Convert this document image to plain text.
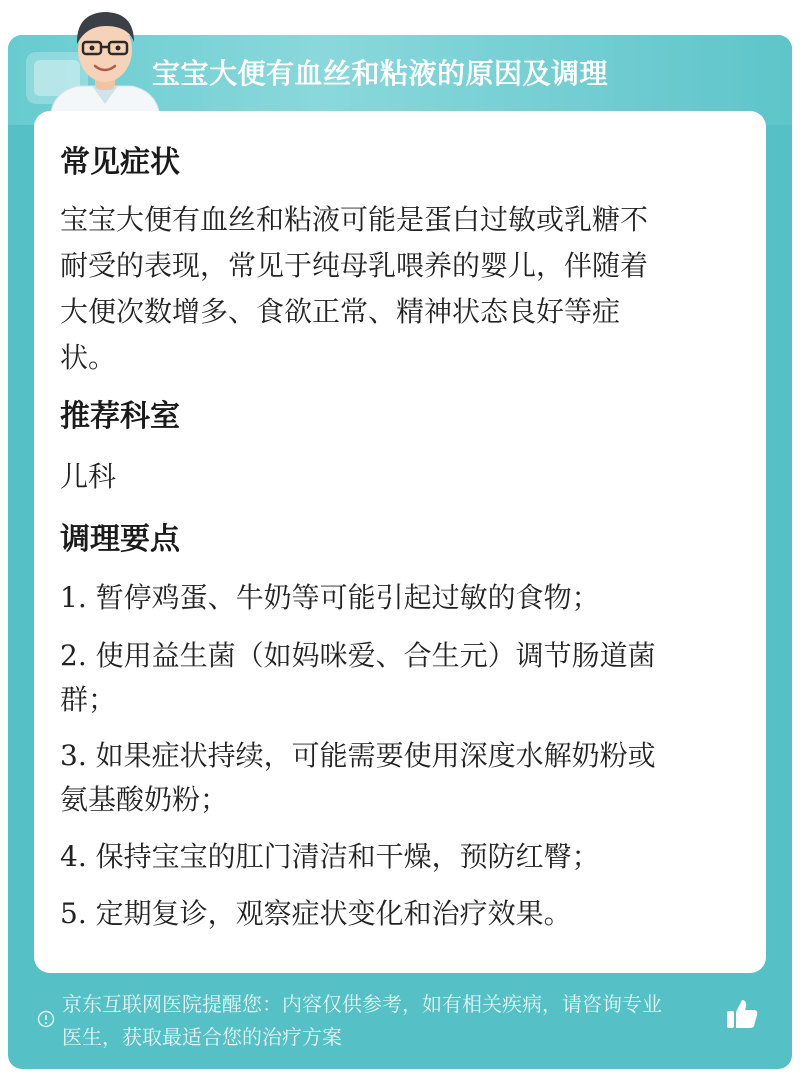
宝宝大便有血丝和粘液的原因及调理
常见症状
宝宝大便有血丝和粘液可能是蛋白过敏或乳糖不
耐受的表现，常见于纯母乳喂养的婴儿，伴随着
大便次数增多、食欲正常、精神状态良好等症
状。
推荐科室
儿科
调理要点
1. 暂停鸡蛋、牛奶等可能引起过敏的食物；
2. 使用益生菌（如妈咪爱、合生元）调节肠道菌
群；
3. 如果症状持续，可能需要使用深度水解奶粉或
氨基酸奶粉；
4. 保持宝宝的肛门清洁和干燥，预防红臀；
5. 定期复诊，观察症状变化和治疗效果。
京东互联网医院提醒您：内容仅供参考，如有相关疾病，请咨询专业
医生，获取最适合您的治疗方案
